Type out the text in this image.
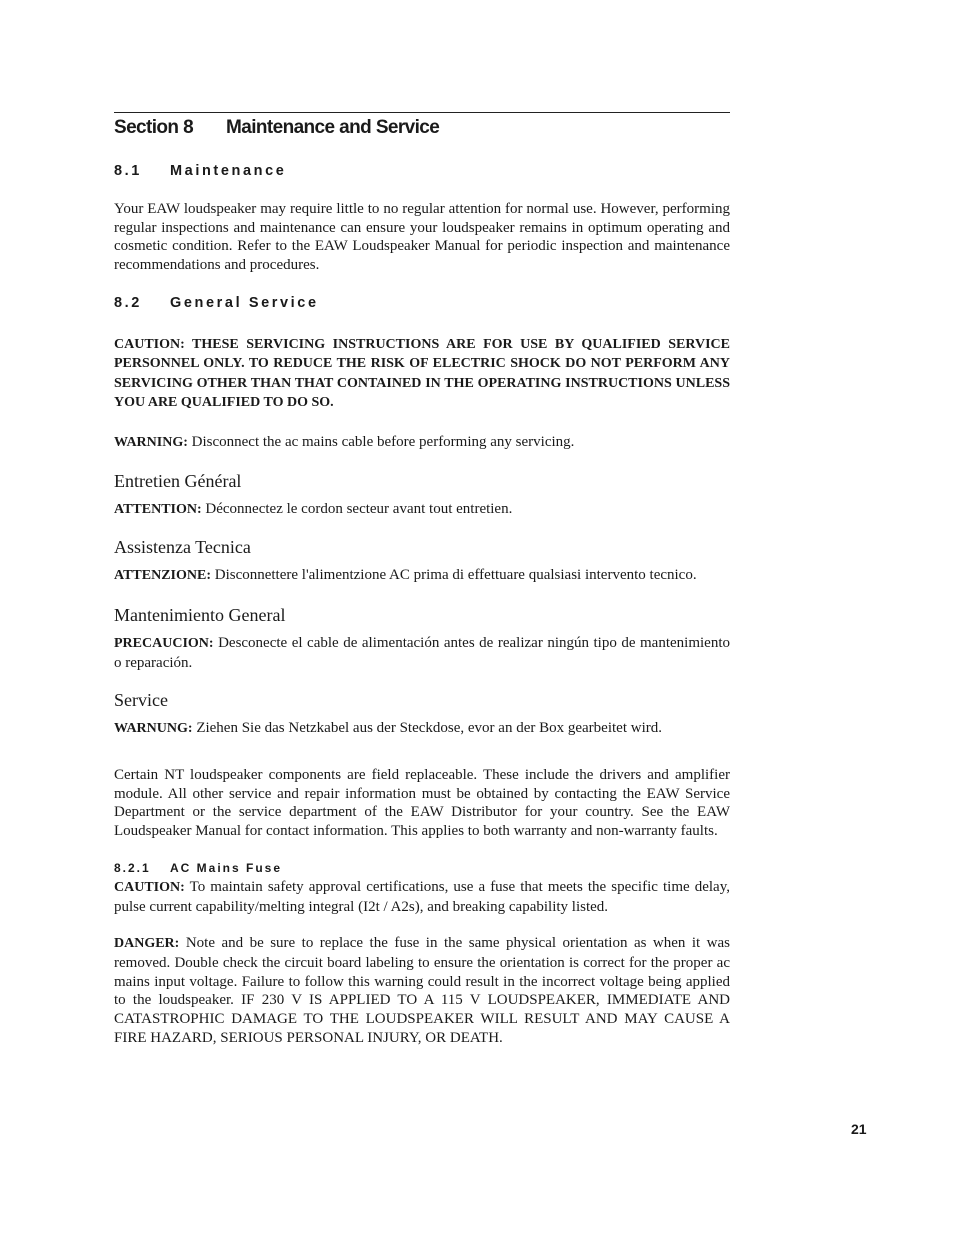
Section 8	Maintenance and Service
8.1	Maintenance

Your EAW loudspeaker may require little to no regular attention for normal use. However, performing regular inspections and maintenance can ensure your loudspeaker remains in optimum operating and cosmetic condition. Refer to the EAW Loudspeaker Manual for periodic inspection and maintenance recommendations and procedures.

8.2	General Service

CAUTION: THESE SERVICING INSTRUCTIONS ARE FOR USE BY QUALIFIED SERVICE PERSONNEL ONLY. TO REDUCE THE RISK OF ELECTRIC SHOCK DO NOT PERFORM ANY SERVICING OTHER THAN THAT CONTAINED IN THE OPERATING INSTRUCTIONS UNLESS YOU ARE QUALIFIED TO DO SO.

WARNING: Disconnect the ac mains cable before performing any servicing.

Entretien Général

ATTENTION: Déconnectez le cordon secteur avant tout entretien.

Assistenza Tecnica

ATTENZIONE: Disconnettere l'alimentzione AC prima di effettuare qualsiasi intervento tecnico.

Mantenimiento General

PRECAUCION: Desconecte el cable de alimentación antes de realizar ningún tipo de mantenimiento o reparación.

Service

WARNUNG: Ziehen Sie das Netzkabel aus der Steckdose, evor an der Box gearbeitet wird.

Certain NT loudspeaker components are field replaceable. These include the drivers and amplifier module. All other service and repair information must be obtained by contacting the EAW Service Department or the service department of the EAW Distributor for your country. See the EAW Loudspeaker Manual for contact information. This applies to both warranty and non-warranty faults.

8.2.1	AC Mains Fuse

CAUTION: To maintain safety approval certifications, use a fuse that meets the specific time delay, pulse current capability/melting integral (I2t / A2s), and breaking capability listed.

DANGER: Note and be sure to replace the fuse in the same physical orientation as when it was removed. Double check the circuit board labeling to ensure the orientation is correct for the proper ac mains input voltage. Failure to follow this warning could result in the incorrect voltage being applied to the loudspeaker. IF 230 V IS APPLIED TO A 115 V LOUDSPEAKER, IMMEDIATE AND CATASTROPHIC DAMAGE TO THE LOUDSPEAKER WILL RESULT AND MAY CAUSE A FIRE HAZARD, SERIOUS PERSONAL INJURY, OR DEATH.

21
